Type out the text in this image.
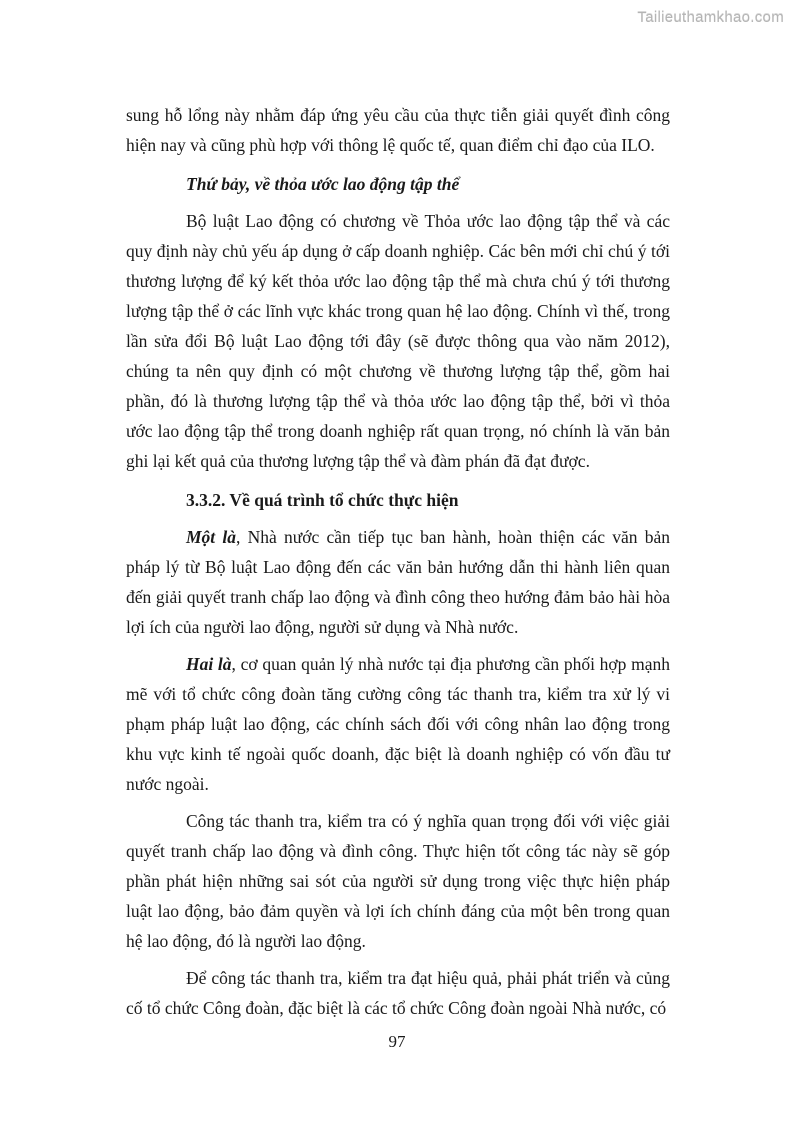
Tailieuthamkhao.com

sung hỗ lổng này nhằm đáp ứng yêu cầu của thực tiễn giải quyết đình công hiện nay và cũng phù hợp với thông lệ quốc tế, quan điểm chỉ đạo của ILO.

Thứ bảy, về thỏa ước lao động tập thể

Bộ luật Lao động có chương về Thỏa ước lao động tập thể và các quy định này chủ yếu áp dụng ở cấp doanh nghiệp. Các bên mới chỉ chú ý tới thương lượng để ký kết thỏa ước lao động tập thể mà chưa chú ý tới thương lượng tập thể ở các lĩnh vực khác trong quan hệ lao động. Chính vì thế, trong lần sửa đổi Bộ luật Lao động tới đây (sẽ được thông qua vào năm 2012), chúng ta nên quy định có một chương về thương lượng tập thể, gồm hai phần, đó là thương lượng tập thể và thỏa ước lao động tập thể, bởi vì thỏa ước lao động tập thể trong doanh nghiệp rất quan trọng, nó chính là văn bản ghi lại kết quả của thương lượng tập thể và đàm phán đã đạt được.

3.3.2. Về quá trình tổ chức thực hiện

Một là, Nhà nước cần tiếp tục ban hành, hoàn thiện các văn bản pháp lý từ Bộ luật Lao động đến các văn bản hướng dẫn thi hành liên quan đến giải quyết tranh chấp lao động và đình công theo hướng đảm bảo hài hòa lợi ích của người lao động, người sử dụng và Nhà nước.

Hai là, cơ quan quản lý nhà nước tại địa phương cần phối hợp mạnh mẽ với tổ chức công đoàn tăng cường công tác thanh tra, kiểm tra xử lý vi phạm pháp luật lao động, các chính sách đối với công nhân lao động trong khu vực kinh tế ngoài quốc doanh, đặc biệt là doanh nghiệp có vốn đầu tư nước ngoài.

Công tác thanh tra, kiểm tra có ý nghĩa quan trọng đối với việc giải quyết tranh chấp lao động và đình công. Thực hiện tốt công tác này sẽ góp phần phát hiện những sai sót của người sử dụng trong việc thực hiện pháp luật lao động, bảo đảm quyền và lợi ích chính đáng của một bên trong quan hệ lao động, đó là người lao động.

Để công tác thanh tra, kiểm tra đạt hiệu quả, phải phát triển và củng cố tổ chức Công đoàn, đặc biệt là các tổ chức Công đoàn ngoài Nhà nước, có

97
